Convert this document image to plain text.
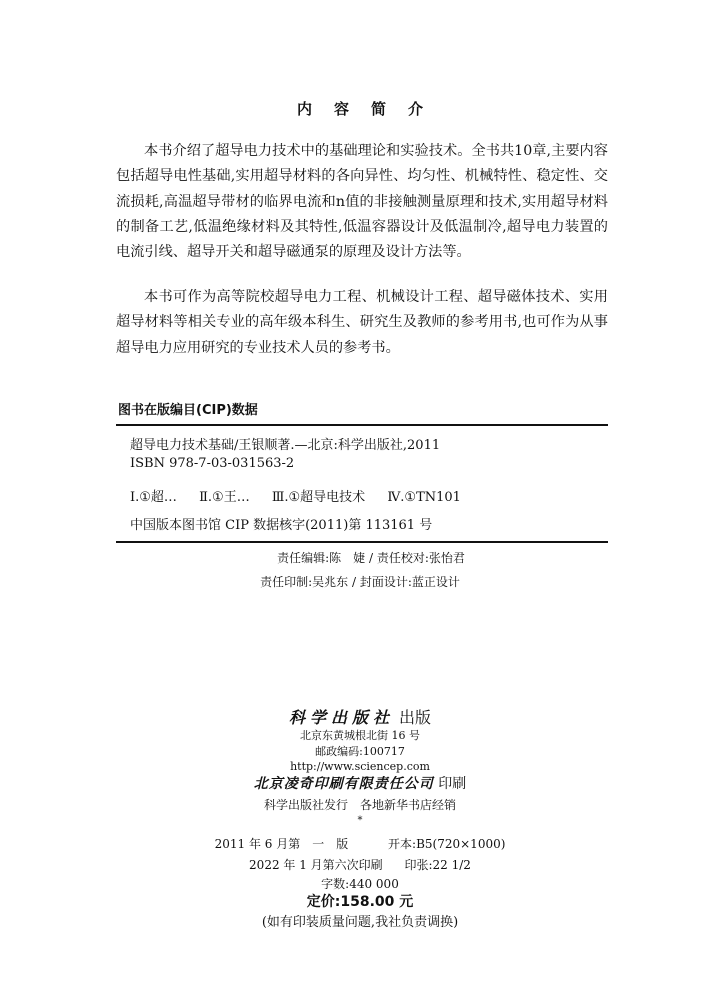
内容简介

本书介绍了超导电力技术中的基础理论和实验技术。全书共10章,主要内容包括超导电性基础,实用超导材料的各向异性、均匀性、机械特性、稳定性、交流损耗,高温超导带材的临界电流和n值的非接触测量原理和技术,实用超导材料的制备工艺,低温绝缘材料及其特性,低温容器设计及低温制冷,超导电力装置的电流引线、超导开关和超导磁通泵的原理及设计方法等。

本书可作为高等院校超导电力工程、机械设计工程、超导磁体技术、实用超导材料等相关专业的高年级本科生、研究生及教师的参考用书,也可作为从事超导电力应用研究的专业技术人员的参考书。

图书在版编目(CIP)数据
超导电力技术基础/王银顺著.—北京:科学出版社,2011
ISBN 978-7-03-031563-2
Ⅰ.①超… Ⅱ.①王… Ⅲ.①超导电技术 Ⅳ.①TN101
中国版本图书馆 CIP 数据核字(2011)第 113161 号
责任编辑:陈　婕 / 责任校对:张怡君
责任印制:吴兆东 / 封面设计:蓝正设计
科学出版社 出版
北京东黄城根北街 16 号
邮政编码:100717
http://www.sciencep.com
北京凌奇印刷有限责任公司 印刷
科学出版社发行　各地新华书店经销
*
2011 年 6 月第　一　版	开本:B5(720×1000)
2022 年 1 月第六次印刷 印张:22 1/2
字数:440 000
定价:158.00 元
(如有印装质量问题,我社负责调换)
